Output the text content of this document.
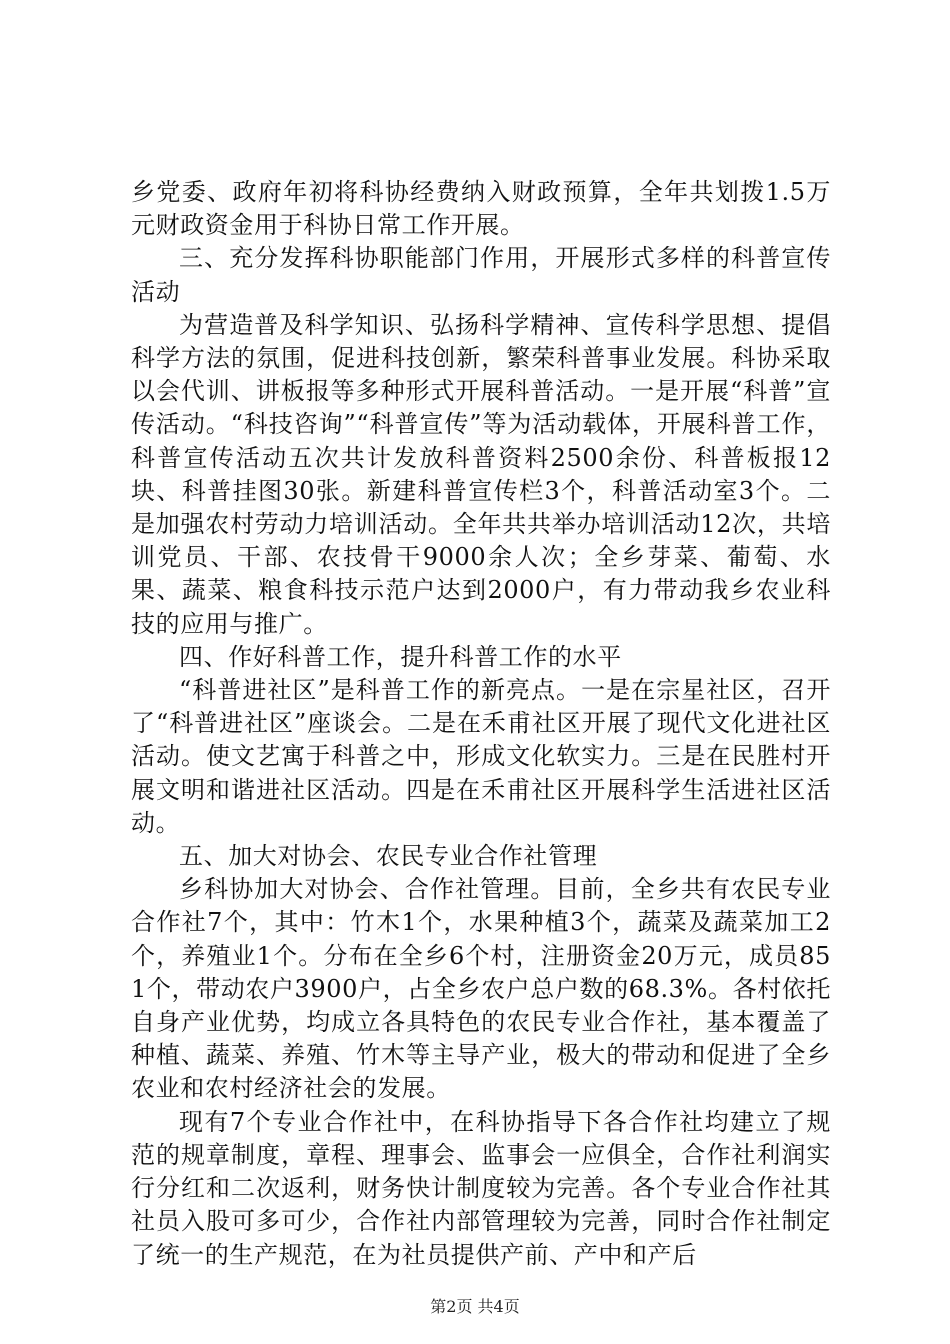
乡党委、政府年初将科协经费纳入财政预算，全年共划拨1.5万元财政资金用于科协日常工作开展。

三、充分发挥科协职能部门作用，开展形式多样的科普宣传活动

为营造普及科学知识、弘扬科学精神、宣传科学思想、提倡科学方法的氛围，促进科技创新，繁荣科普事业发展。科协采取以会代训、讲板报等多种形式开展科普活动。一是开展“科普”宣传活动。“科技咨询”“科普宣传”等为活动载体，开展科普工作，科普宣传活动五次共计发放科普资料2500余份、科普板报12块、科普挂图30张。新建科普宣传栏3个，科普活动室3个。二是加强农村劳动力培训活动。全年共共举办培训活动12次，共培训党员、干部、农技骨干9000余人次；全乡芽菜、葡萄、水果、蔬菜、粮食科技示范户达到2000户，有力带动我乡农业科技的应用与推广。

四、作好科普工作，提升科普工作的水平

“科普进社区”是科普工作的新亮点。一是在宗星社区，召开了“科普进社区”座谈会。二是在禾甫社区开展了现代文化进社区活动。使文艺寓于科普之中，形成文化软实力。三是在民胜村开展文明和谐进社区活动。四是在禾甫社区开展科学生活进社区活动。

五、加大对协会、农民专业合作社管理

乡科协加大对协会、合作社管理。目前，全乡共有农民专业合作社7个，其中：竹木1个，水果种植3个，蔬菜及蔬菜加工2个，养殖业1个。分布在全乡6个村，注册资金20万元，成员851个，带动农户3900户，占全乡农户总户数的68.3%。各村依托自身产业优势，均成立各具特色的农民专业合作社，基本覆盖了种植、蔬菜、养殖、竹木等主导产业，极大的带动和促进了全乡农业和农村经济社会的发展。

现有7个专业合作社中，在科协指导下各合作社均建立了规范的规章制度，章程、理事会、监事会一应俱全，合作社利润实行分红和二次返利，财务快计制度较为完善。各个专业合作社其社员入股可多可少，合作社内部管理较为完善，同时合作社制定了统一的生产规范，在为社员提供产前、产中和产后

第2页 共4页
